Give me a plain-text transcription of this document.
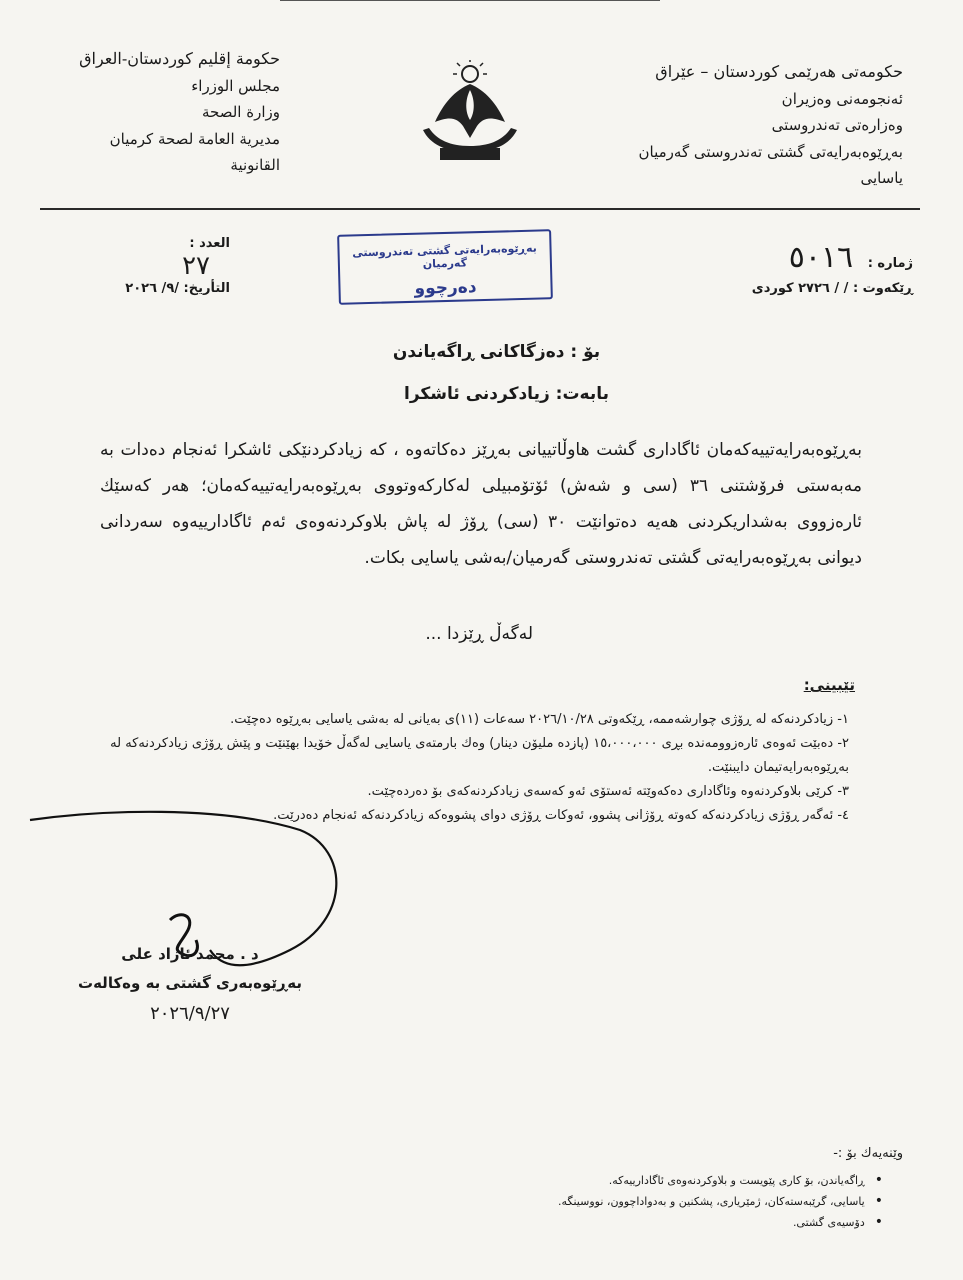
حكومەتی هەرێمی كوردستان – عێراق
ئەنجومەنی وەزیران
وەزارەتی تەندروستی
بەڕێوەبەرایەتی گشتی تەندروستی گەرمیان
یاسایی
حكومة إقليم كوردستان-العراق
مجلس الوزراء
وزارة الصحة
مديرية العامة لصحة كرميان
القانونية
بەڕێوەبەرایەتی گشتی تەندروستی گەرمیان
دەرچوو
ژمارە : ٥٠١٦
ڕێكەوت : / / ٢٧٢٦ كوردی
العدد :
٢٧
التأريخ: /٩/ ٢٠٢٦
بۆ : دەزگاكانی ڕاگەیاندن
بابەت: زیادكردنی ئاشكرا
بەڕێوەبەرایەتییەكەمان ئاگاداری گشت هاوڵاتییانی بەڕێز دەكاتەوە ، كە زیادكردنێكی ئاشكرا ئەنجام دەدات بە مەبەستی فرۆشتنی ٣٦ (سی و شەش) ئۆتۆمبیلی لەكاركەوتووی بەڕێوەبەرایەتییەكەمان؛ هەر كەسێك ئارەزووی بەشداریكردنی هەیە دەتوانێت ٣٠ (سی) ڕۆژ لە پاش بلاوكردنەوەی ئەم ئاگادارییەوە سەردانی دیوانی بەڕێوەبەرایەتی گشتی تەندروستی گەرمیان/بەشی یاسایی بكات.
لەگەڵ ڕێزدا ...
تێبینی:
١- زیادكردنەكە لە ڕۆژی چوارشەممە، ڕێكەوتی ٢٠٢٦/١٠/٢٨ سەعات (١١)ی بەیانی لە بەشی یاسایی بەڕێوە دەچێت.
٢- دەبێت ئەوەی ئارەزوومەندە بڕی ١٥،٠٠٠،٠٠٠ (پازدە ملیۆن دینار) وەك بارمتەی یاسایی لەگەڵ خۆیدا بهێنێت و پێش ڕۆژی زیادكردنەكە لە بەڕێوەبەرایەتیمان دایبنێت.
٣- كرێی بلاوكردنەوە وئاگاداری دەكەوێتە ئەستۆی ئەو كەسەی زیادكردنەكەی بۆ دەردەچێت.
٤- ئەگەر ڕۆژی زیادكردنەكە كەوتە ڕۆژانی پشوو، ئەوكات ڕۆژی دوای پشووەكە زیادكردنەكە ئەنجام دەدرێت.
د . محمد ئازاد علی
بەڕێوەبەری گشتی بە وەكالەت
٢٠٢٦/٩/٢٧
وێنەیەك بۆ :-
• ڕاگەیاندن، بۆ كاری پێویست و بلاوكردنەوەی ئاگادارییەكە.
• یاسایی، گرێبەستەكان، ژمێریاری، پشكنین و بەدواداچوون، نووسینگە.
• دۆسیەی گشتی.
